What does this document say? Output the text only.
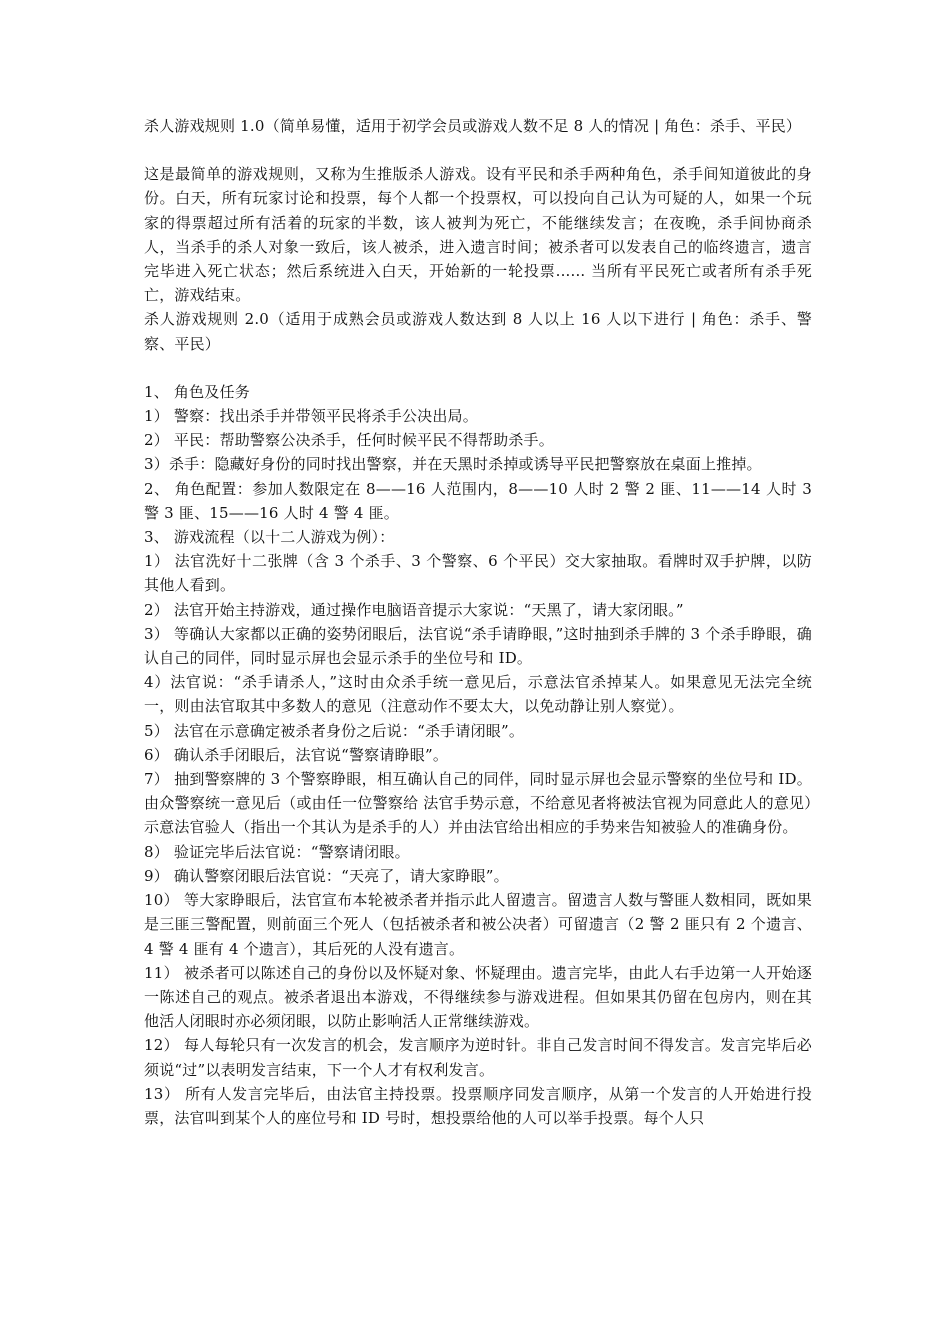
杀人游戏规则 1.0（简单易懂，适用于初学会员或游戏人数不足 8 人的情况 | 角色：杀手、平民）

这是最简单的游戏规则，又称为生推版杀人游戏。设有平民和杀手两种角色，杀手间知道彼此的身份。白天，所有玩家讨论和投票，每个人都一个投票权，可以投向自己认为可疑的人，如果一个玩家的得票超过所有活着的玩家的半数，该人被判为死亡，不能继续发言；在夜晚，杀手间协商杀人，当杀手的杀人对象一致后，该人被杀，进入遗言时间；被杀者可以发表自己的临终遗言，遗言完毕进入死亡状态；然后系统进入白天，开始新的一轮投票...... 当所有平民死亡或者所有杀手死亡，游戏结束。

杀人游戏规则 2.0（适用于成熟会员或游戏人数达到 8 人以上 16 人以下进行 | 角色：杀手、警察、平民）

1、 角色及任务

1） 警察：找出杀手并带领平民将杀手公决出局。

2） 平民：帮助警察公决杀手，任何时候平民不得帮助杀手。

3）杀手：隐藏好身份的同时找出警察，并在天黑时杀掉或诱导平民把警察放在桌面上推掉。

2、 角色配置：参加人数限定在 8——16 人范围内，8——10 人时 2 警 2 匪、11——14 人时 3 警 3 匪、15——16 人时 4 警 4 匪。

3、 游戏流程（以十二人游戏为例）：

1） 法官洗好十二张牌（含 3 个杀手、3 个警察、6 个平民）交大家抽取。看牌时双手护牌，以防其他人看到。

2） 法官开始主持游戏，通过操作电脑语音提示大家说：“天黑了，请大家闭眼。”

3） 等确认大家都以正确的姿势闭眼后，法官说“杀手请睁眼，”这时抽到杀手牌的 3 个杀手睁眼，确认自己的同伴，同时显示屏也会显示杀手的坐位号和 ID。

4）法官说：“杀手请杀人，”这时由众杀手统一意见后，示意法官杀掉某人。如果意见无法完全统一，则由法官取其中多数人的意见（注意动作不要太大，以免动静让别人察觉）。

5） 法官在示意确定被杀者身份之后说：“杀手请闭眼”。

6） 确认杀手闭眼后，法官说“警察请睁眼”。

7） 抽到警察牌的 3 个警察睁眼，相互确认自己的同伴，同时显示屏也会显示警察的坐位号和 ID。由众警察统一意见后（或由任一位警察给 法官手势示意，不给意见者将被法官视为同意此人的意见）示意法官验人（指出一个其认为是杀手的人）并由法官给出相应的手势来告知被验人的准确身份。

8） 验证完毕后法官说：“警察请闭眼。

9） 确认警察闭眼后法官说：“天亮了，请大家睁眼”。

10） 等大家睁眼后，法官宣布本轮被杀者并指示此人留遗言。留遗言人数与警匪人数相同，既如果是三匪三警配置，则前面三个死人（包括被杀者和被公决者）可留遗言（2 警 2 匪只有 2 个遗言、4 警 4 匪有 4 个遗言），其后死的人没有遗言。

11） 被杀者可以陈述自己的身份以及怀疑对象、怀疑理由。遗言完毕，由此人右手边第一人开始逐一陈述自己的观点。被杀者退出本游戏，不得继续参与游戏进程。但如果其仍留在包房内，则在其他活人闭眼时亦必须闭眼，以防止影响活人正常继续游戏。

12） 每人每轮只有一次发言的机会，发言顺序为逆时针。非自己发言时间不得发言。发言完毕后必须说“过”以表明发言结束，下一个人才有权利发言。

13） 所有人发言完毕后，由法官主持投票。投票顺序同发言顺序，从第一个发言的人开始进行投票，法官叫到某个人的座位号和 ID 号时，想投票给他的人可以举手投票。每个人只
